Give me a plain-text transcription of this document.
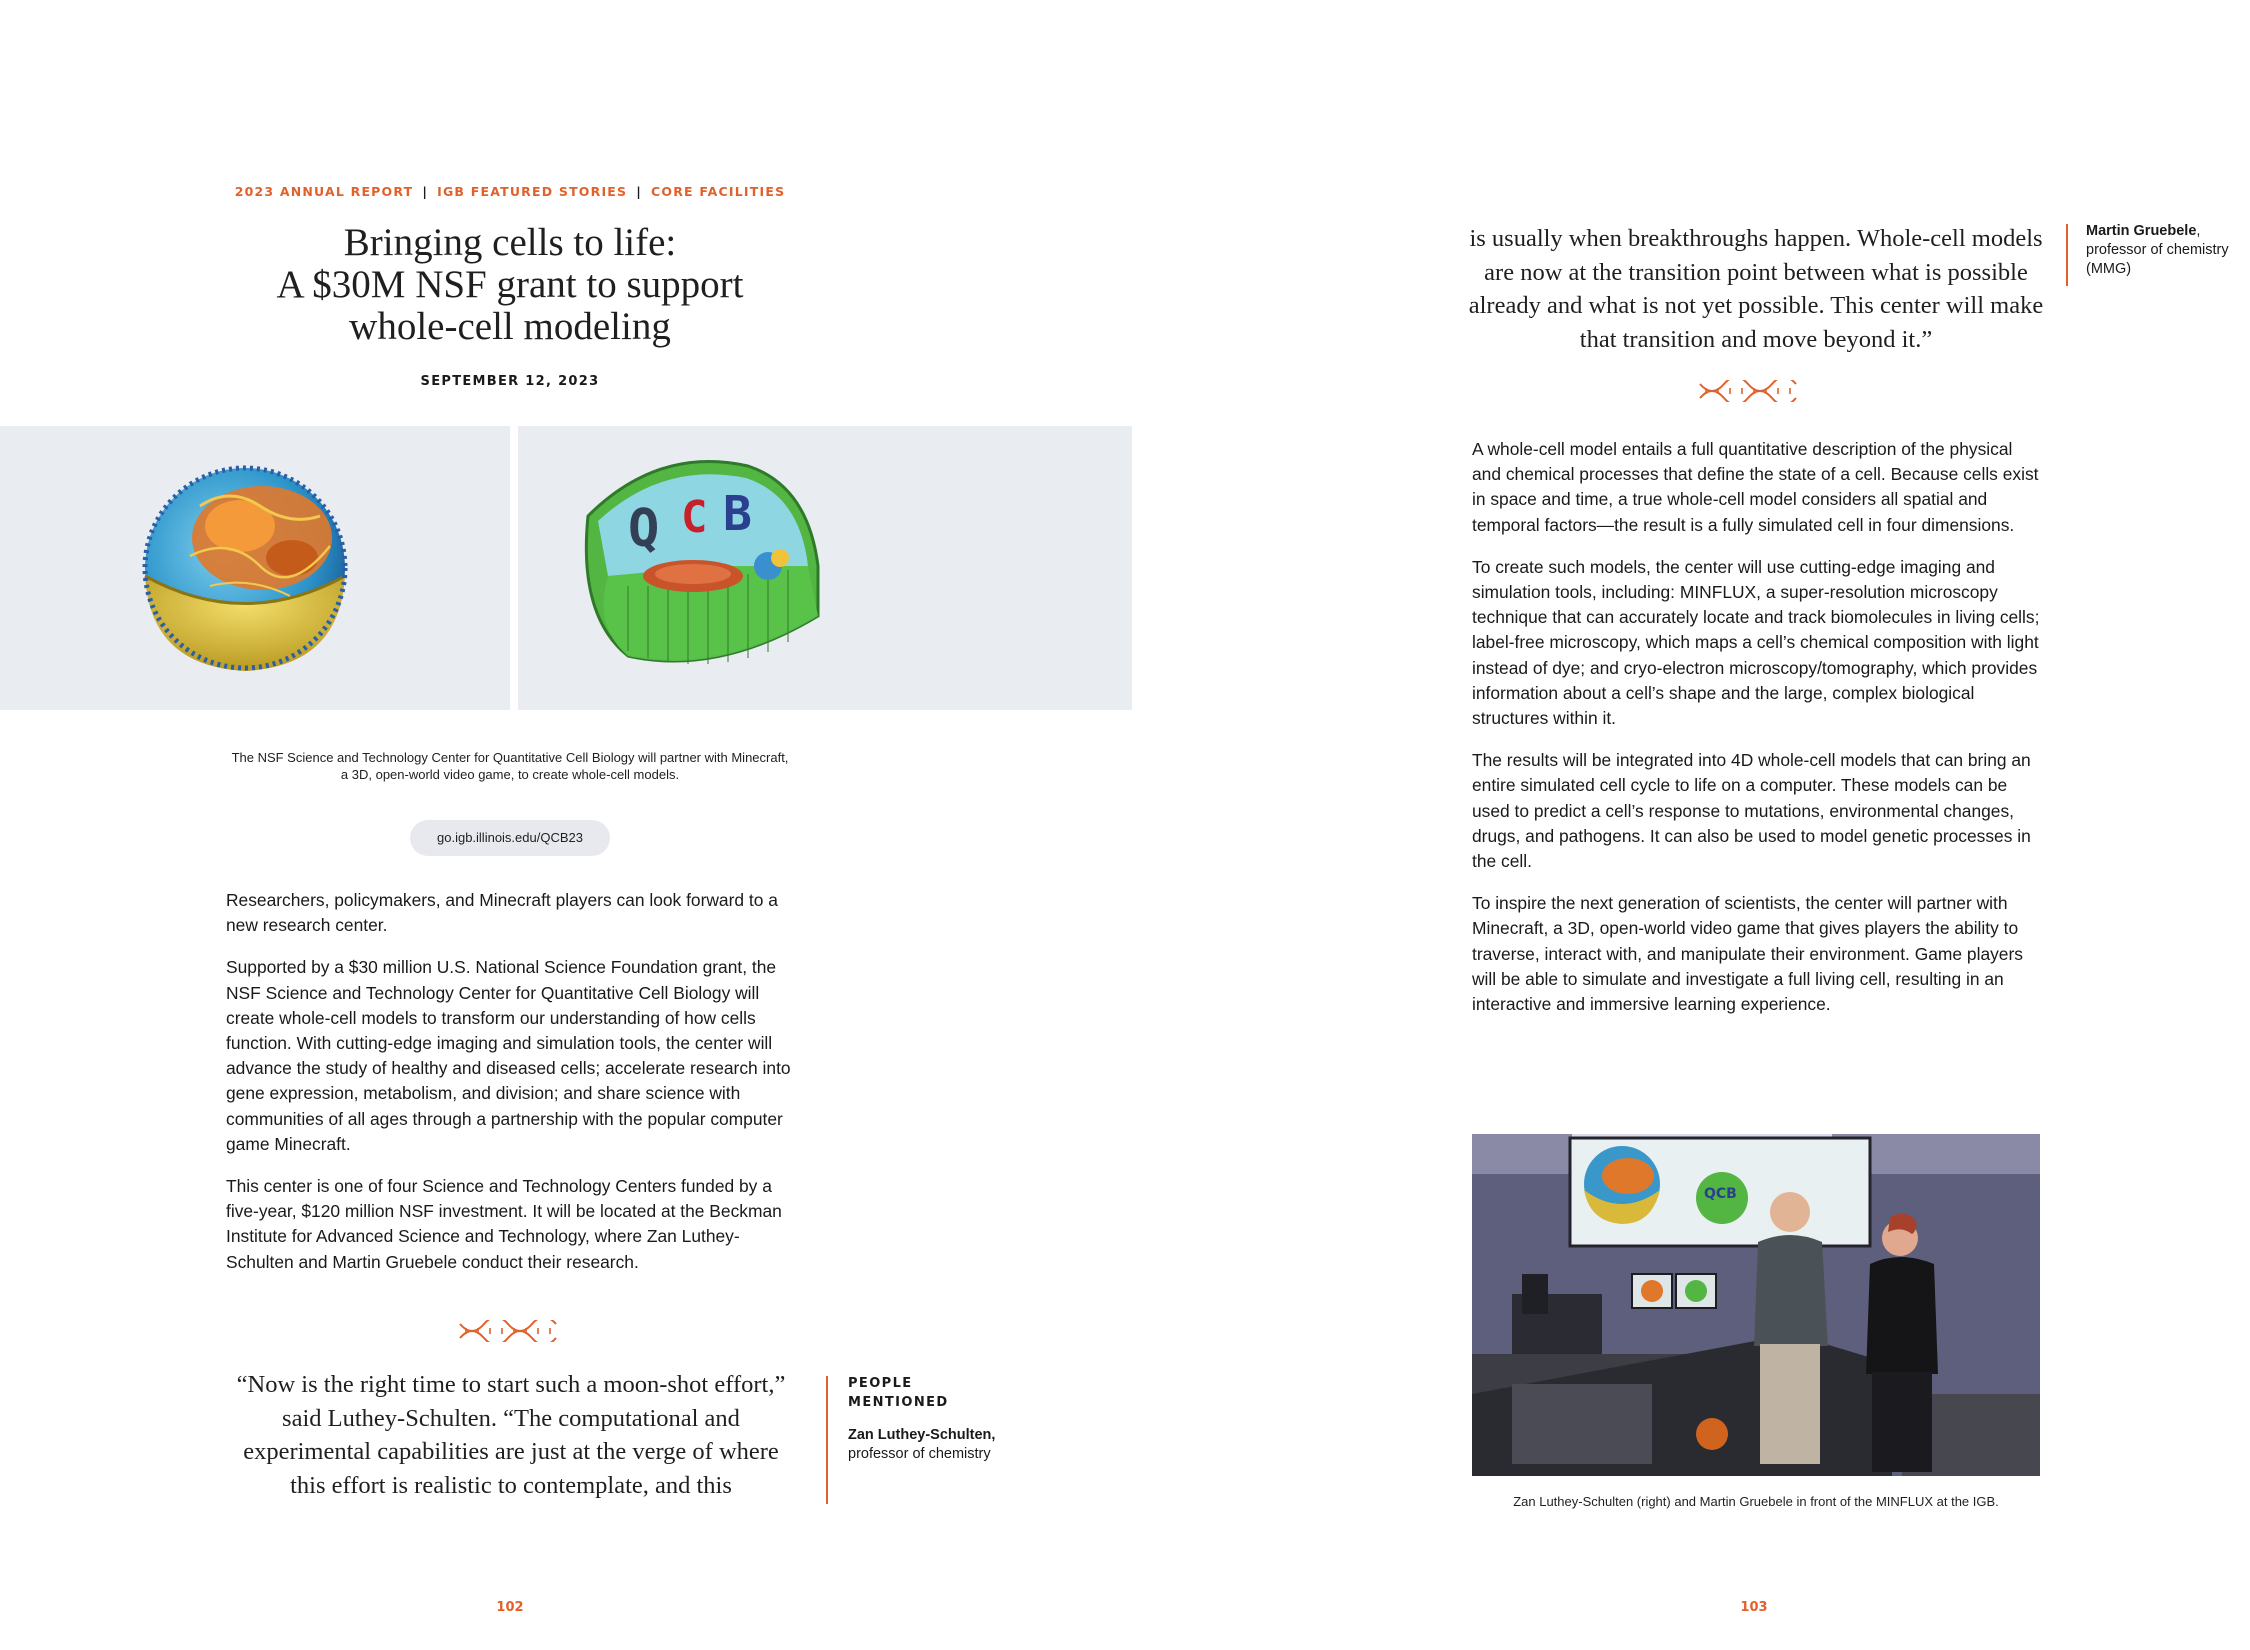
2023 ANNUAL REPORT | IGB FEATURED STORIES | CORE FACILITIES
Bringing cells to life:
A $30M NSF grant to support
whole-cell modeling
SEPTEMBER 12, 2023
Q C B
The NSF Science and Technology Center for Quantitative Cell Biology will partner with Minecraft, a 3D, open-world video game, to create whole-cell models.
go.igb.illinois.edu/QCB23

Researchers, policymakers, and Minecraft players can look forward to a new research center.

Supported by a $30 million U.S. National Science Foundation grant, the NSF Science and Technology Center for Quantitative Cell Biology will create whole-cell models to transform our understanding of how cells function. With cutting-edge imaging and simulation tools, the center will advance the study of healthy and diseased cells; accelerate research into gene expression, metabolism, and division; and share science with communities of all ages through a partnership with the popular computer game Minecraft.

This center is one of four Science and Technology Centers funded by a five-year, $120 million NSF investment. It will be located at the Beckman Institute for Advanced Science and Technology, where Zan Luthey-Schulten and Martin Gruebele conduct their research.

“Now is the right time to start such a moon-shot effort,” said Luthey-Schulten. “The computational and experimental capabilities are just at the verge of where this effort is realistic to contemplate, and this
PEOPLE MENTIONED
Zan Luthey-Schulten,
professor of chemistry
102
is usually when breakthroughs happen. Whole-cell models are now at the transition point between what is possible already and what is not yet possible. This center will make that transition and move beyond it.”
Martin Gruebele,
professor of chemistry (MMG)

A whole-cell model entails a full quantitative description of the physical and chemical processes that define the state of a cell. Because cells exist in space and time, a true whole-cell model considers all spatial and temporal factors—the result is a fully simulated cell in four dimensions.

To create such models, the center will use cutting-edge imaging and simulation tools, including: MINFLUX, a super-resolution microscopy technique that can accurately locate and track biomolecules in living cells; label-free microscopy, which maps a cell’s chemical composition with light instead of dye; and cryo-electron microscopy/tomography, which provides information about a cell’s shape and the large, complex biological structures within it.

The results will be integrated into 4D whole-cell models that can bring an entire simulated cell cycle to life on a computer. These models can be used to predict a cell’s response to mutations, environmental changes, drugs, and pathogens. It can also be used to model genetic processes in the cell.

To inspire the next generation of scientists, the center will partner with Minecraft, a 3D, open-world video game that gives players the ability to traverse, interact with, and manipulate their environment. Game players will be able to simulate and investigate a full living cell, resulting in an interactive and immersive learning experience.

QCB
Zan Luthey-Schulten (right) and Martin Gruebele in front of the MINFLUX at the IGB.
103
